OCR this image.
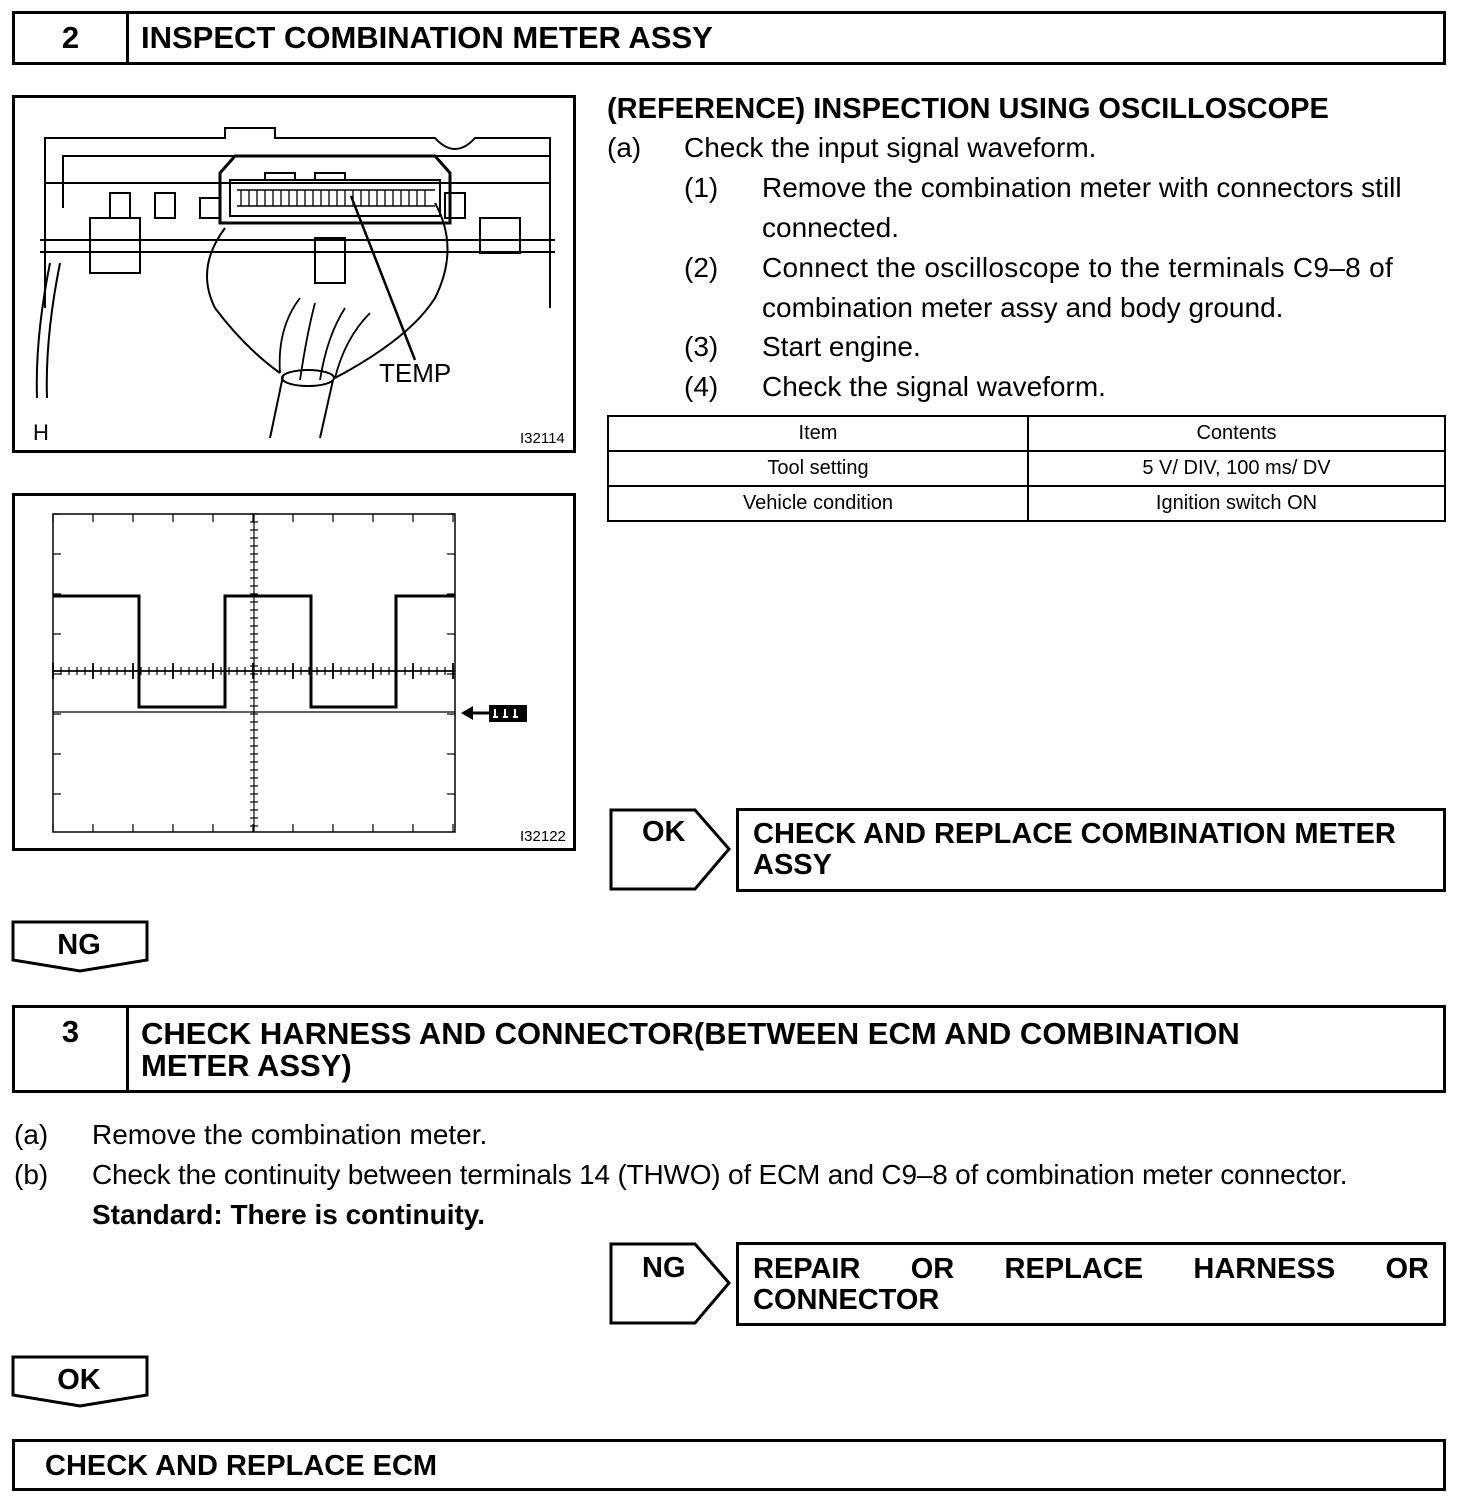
2	INSPECT COMBINATION METER ASSY
TEMP
H	I32114
I32122
(REFERENCE) INSPECTION USING OSCILLOSCOPE
(a) Check the input signal waveform.
(1) Remove the combination meter with connectors still
connected.
(2) Connect the oscilloscope to the terminals C9–8 of
combination meter assy and body ground.
(3) Start engine.
(4) Check the signal waveform.
Item	Contents
Tool setting	5 V/ DIV, 100 ms/ DV
Vehicle condition	Ignition switch ON
OK CHECK AND REPLACE COMBINATION METER
ASSY
NG
3	CHECK HARNESS AND CONNECTOR(BETWEEN ECM AND COMBINATION
METER ASSY)
(a) Remove the combination meter.
(b) Check the continuity between terminals 14 (THWO) of ECM and C9–8 of combination meter connector.
Standard: There is continuity.
NG REPAIR OR REPLACE HARNESS OR
CONNECTOR
OK
CHECK AND REPLACE ECM
